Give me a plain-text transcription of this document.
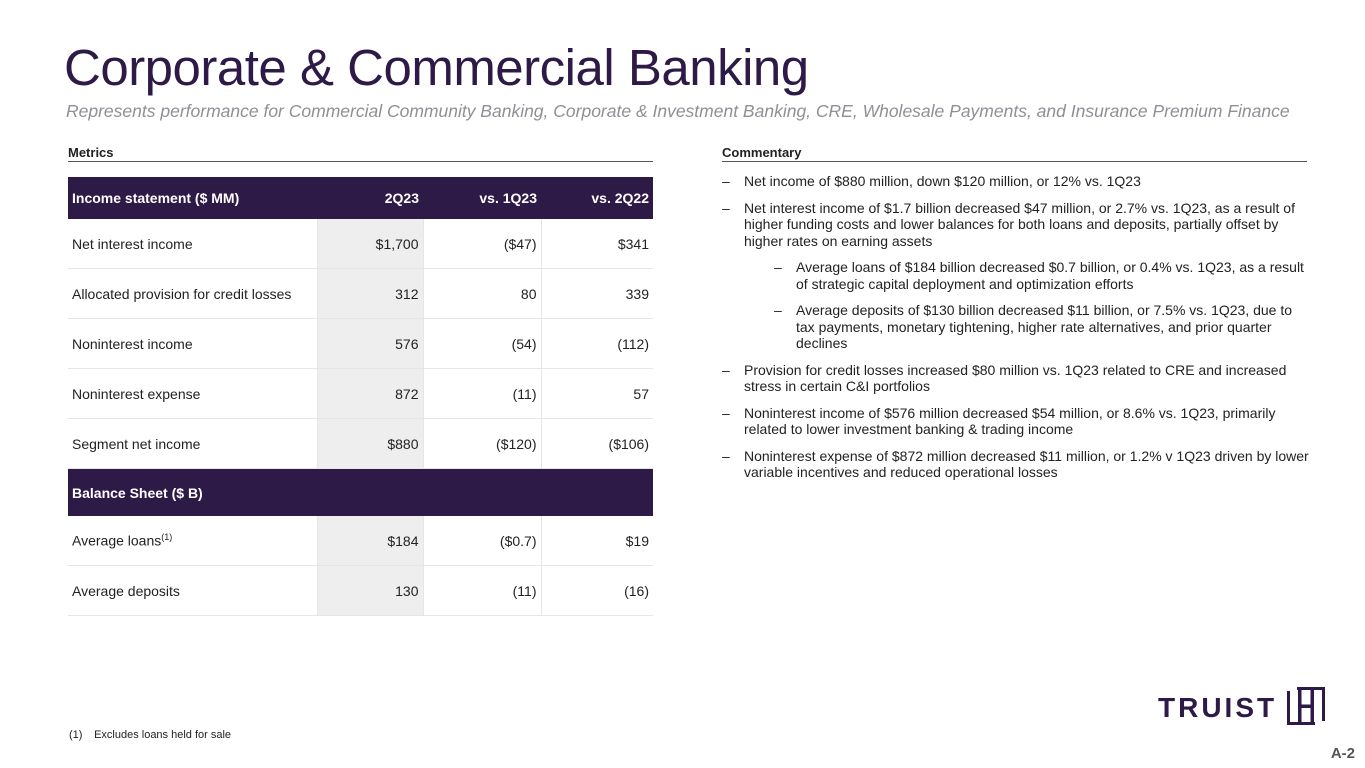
Corporate & Commercial Banking
Represents performance for Commercial Community Banking, Corporate & Investment Banking, CRE, Wholesale Payments, and Insurance Premium Finance
Metrics	Commentary
Income statement ($ MM)	2Q23	vs. 1Q23	vs. 2Q22
Net interest income	$1,700	($47)	$341
Allocated provision for credit losses	312	80	339
Noninterest income	576	(54)	(112)
Noninterest expense	872	(11)	57
Segment net income	$880	($120)	($106)
Balance Sheet ($ B)			
Average loans$^{(1)}$	$184	($0.7)	$19
Average deposits	130	(11)	(16)
–	Net income of $880 million, down $120 million, or 12% vs. 1Q23
–	Net interest income of $1.7 billion decreased $47 million, or 2.7% vs. 1Q23, as a result of higher funding costs and lower balances for both loans and deposits, partially offset by higher rates on earning assets
–	Average loans of $184 billion decreased $0.7 billion, or 0.4% vs. 1Q23, as a result of strategic capital deployment and optimization efforts
–	Average deposits of $130 billion decreased $11 billion, or 7.5% vs. 1Q23, due to tax payments, monetary tightening, higher rate alternatives, and prior quarter declines
–	Provision for credit losses increased $80 million vs. 1Q23 related to CRE and increased stress in certain C&I portfolios
–	Noninterest income of $576 million decreased $54 million, or 8.6% vs. 1Q23, primarily related to lower investment banking & trading income
–	Noninterest expense of $872 million decreased $11 million, or 1.2% v 1Q23 driven by lower variable incentives and reduced operational losses
(1) Excludes loans held for sale
TRUIST
A-2
